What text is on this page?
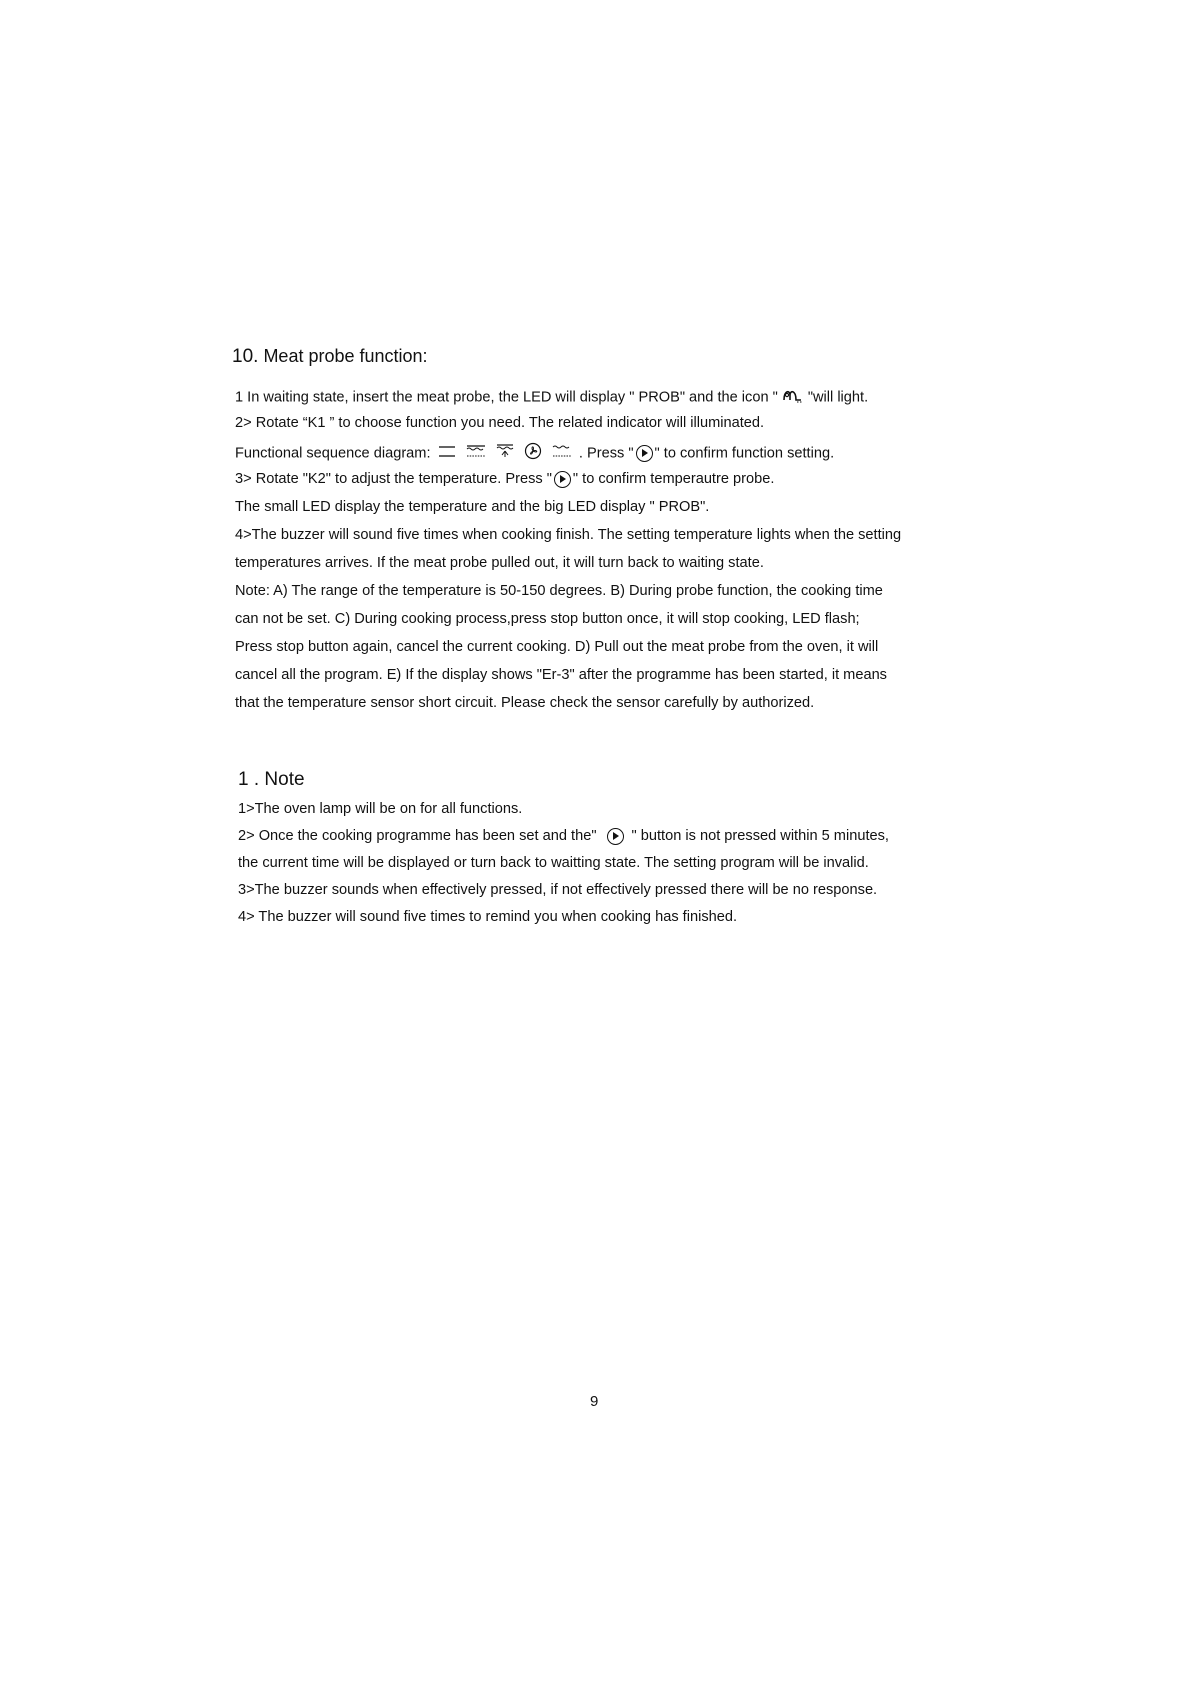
10. Meat probe function:
1 In waiting state, insert the meat probe, the LED will display " PROB" and the icon " "will light.
2> Rotate “K1 ” to choose function you need. The related indicator will illuminated.
Functional sequence diagram:	. Press " " to confirm function setting.
3> Rotate "K2" to adjust the temperature. Press " " to confirm temperautre probe.
The small LED display the temperature and the big LED display " PROB".
4>The buzzer will sound five times when cooking finish. The setting temperature lights when the setting
temperatures arrives. If the meat probe pulled out, it will turn back to waiting state.
Note: A) The range of the temperature is 50-150 degrees. B) During probe function, the cooking time
can not be set. C) During cooking process,press stop button once, it will stop cooking, LED flash;
Press stop button again, cancel the current cooking. D) Pull out the meat probe from the oven, it will
cancel all the program. E) If the display shows "Er-3" after the programme has been started, it means
that the temperature sensor short circuit. Please check the sensor carefully by authorized.
1 . Note
1>The oven lamp will be on for all functions.
2> Once the cooking programme has been set and the" " button is not pressed within 5 minutes,
the current time will be displayed or turn back to waitting state. The setting program will be invalid.
3>The buzzer sounds when effectively pressed, if not effectively pressed there will be no response.
4> The buzzer will sound five times to remind you when cooking has finished.
9
